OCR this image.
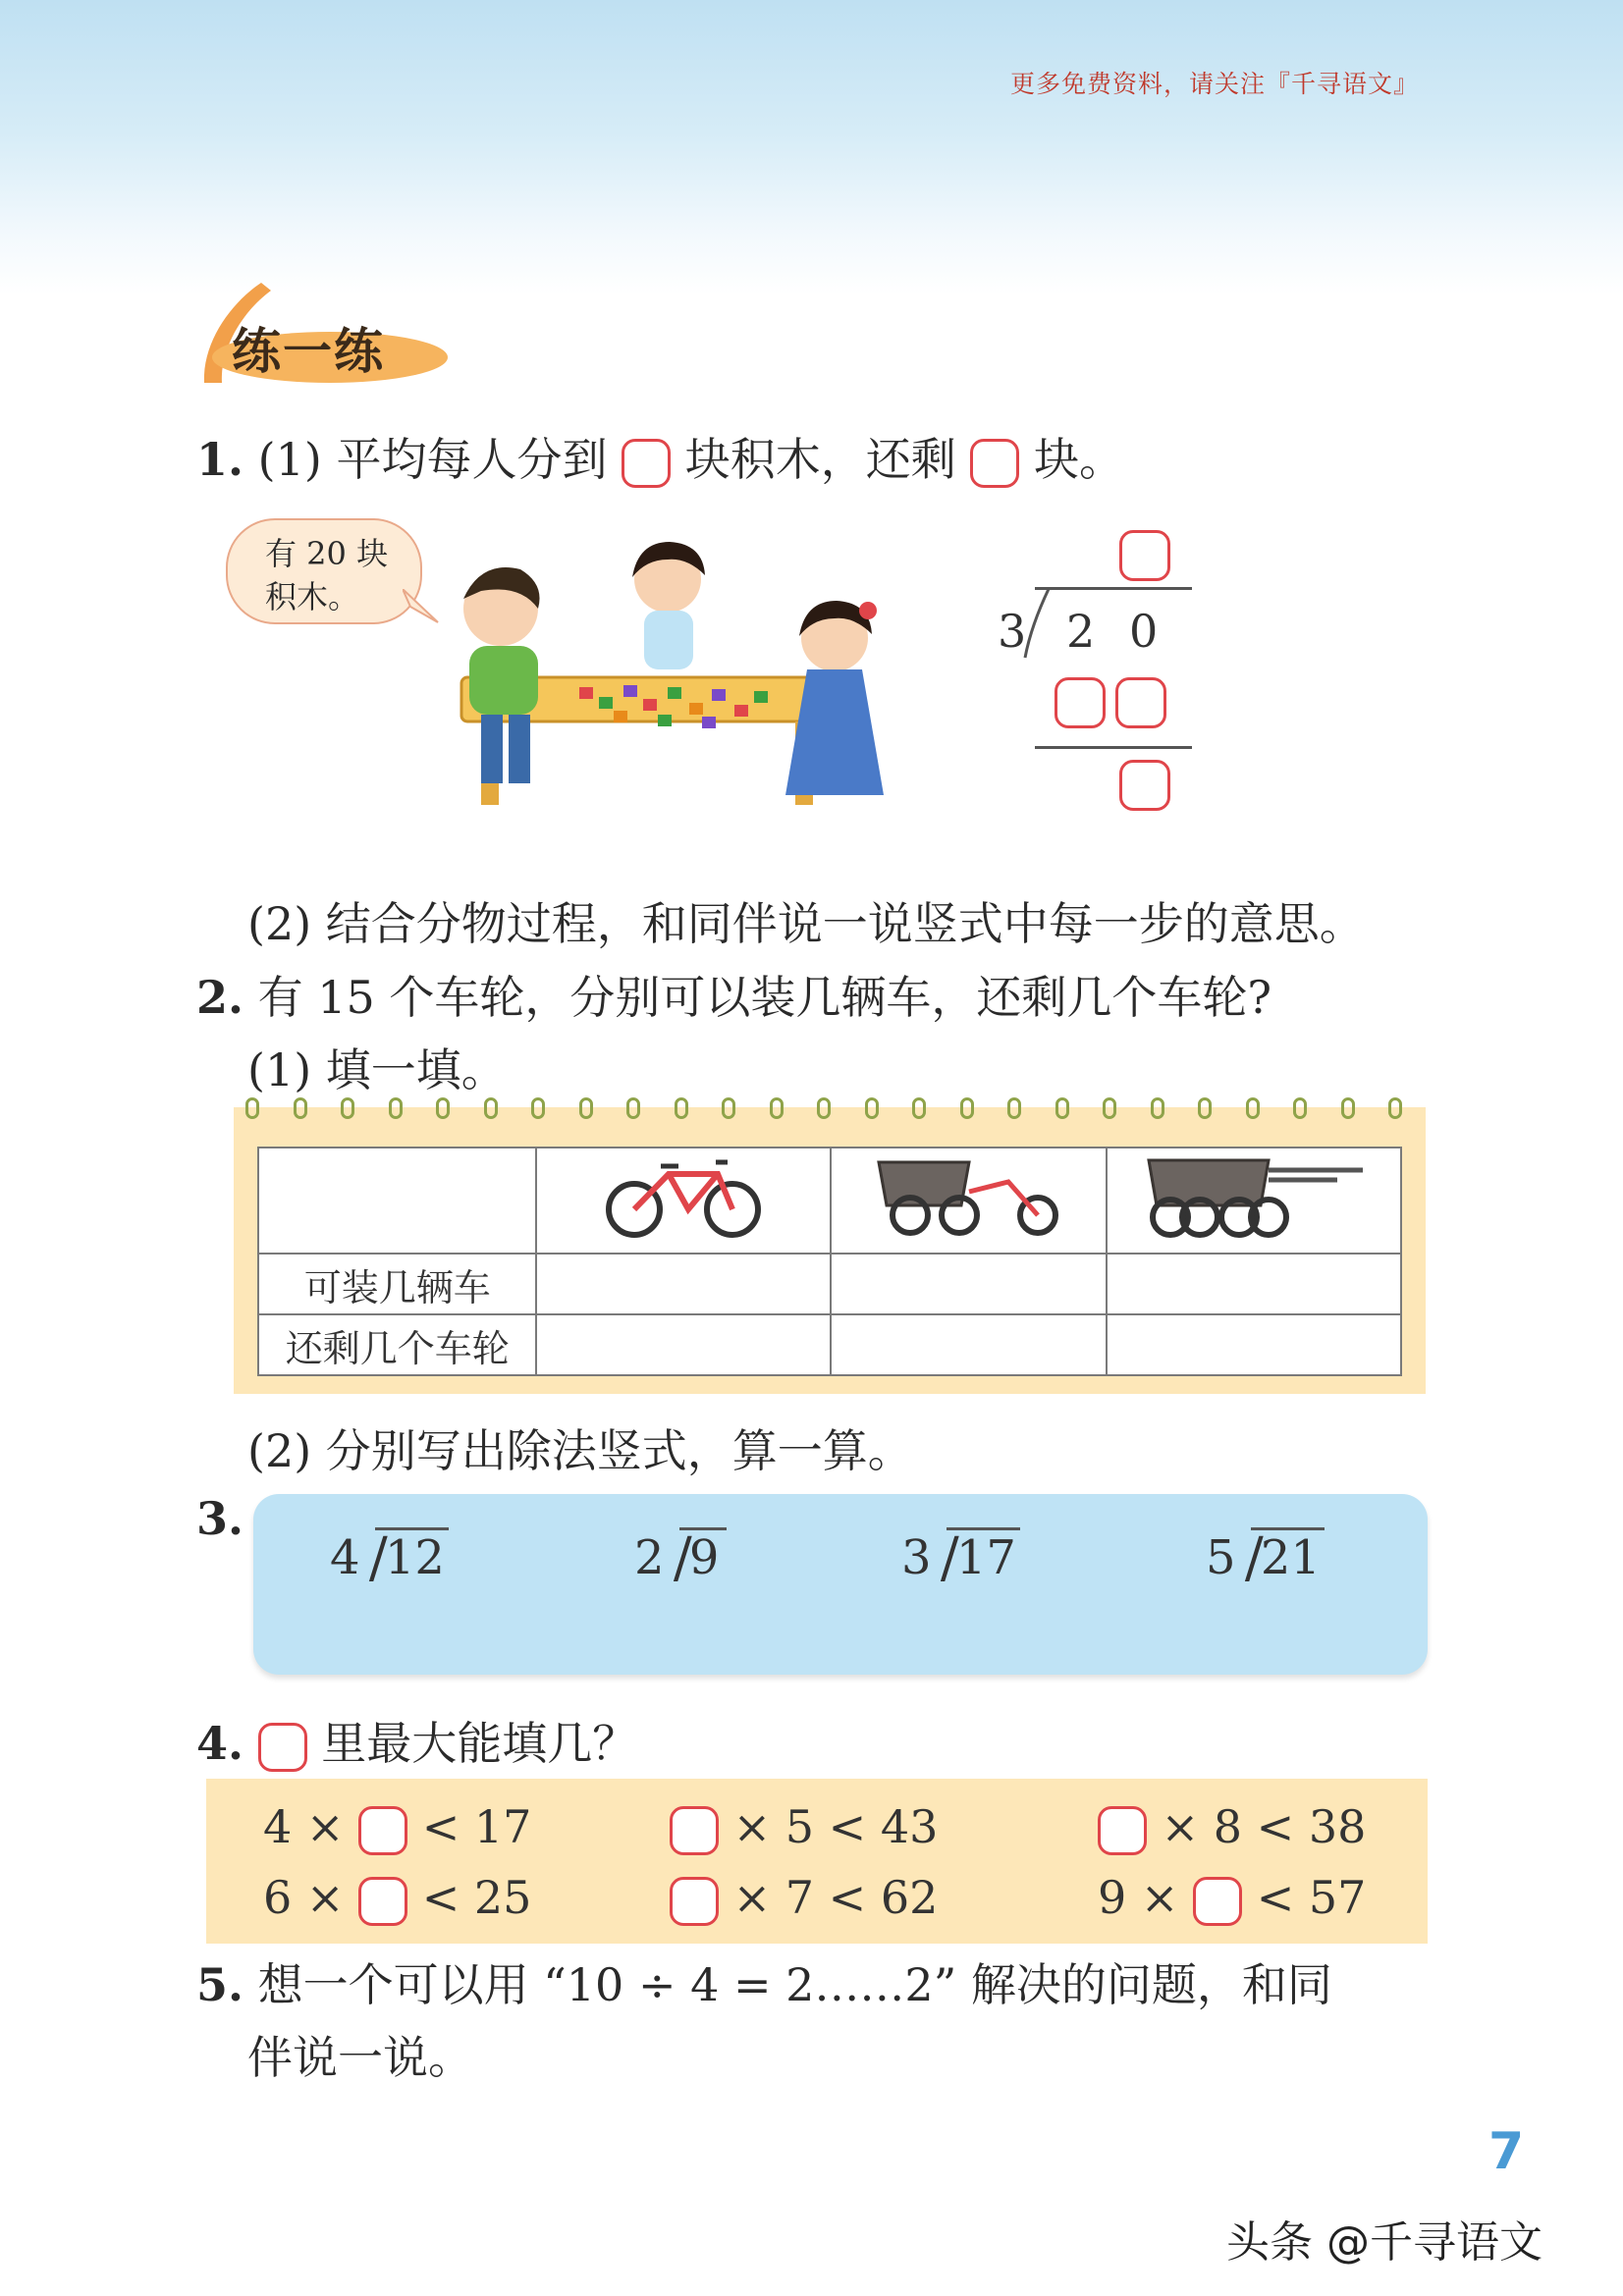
更多免费资料，请关注『千寻语文』
练一练
1. (1) 平均每人分到 块积木，还剩 块。
有 20 块
积木。
3 2 0
(2) 结合分物过程，和同伴说一说竖式中每一步的意思。
2. 有 15 个车轮，分别可以装几辆车，还剩几个车轮?
(1) 填一填。

可装几辆车			
还剩几个车轮			
(2) 分别写出除法竖式，算一算。
3.
4 /
12	2 /
9	3 /
17	5 /
21
4. 里最大能填几？
4 × < 17	× 5 < 43	× 8 < 38
6 × < 25	× 7 < 62	9 × < 57
5. 想一个可以用 “10 ÷ 4 = 2……2” 解决的问题，和同
伴说一说。
7
头条 @千寻语文
